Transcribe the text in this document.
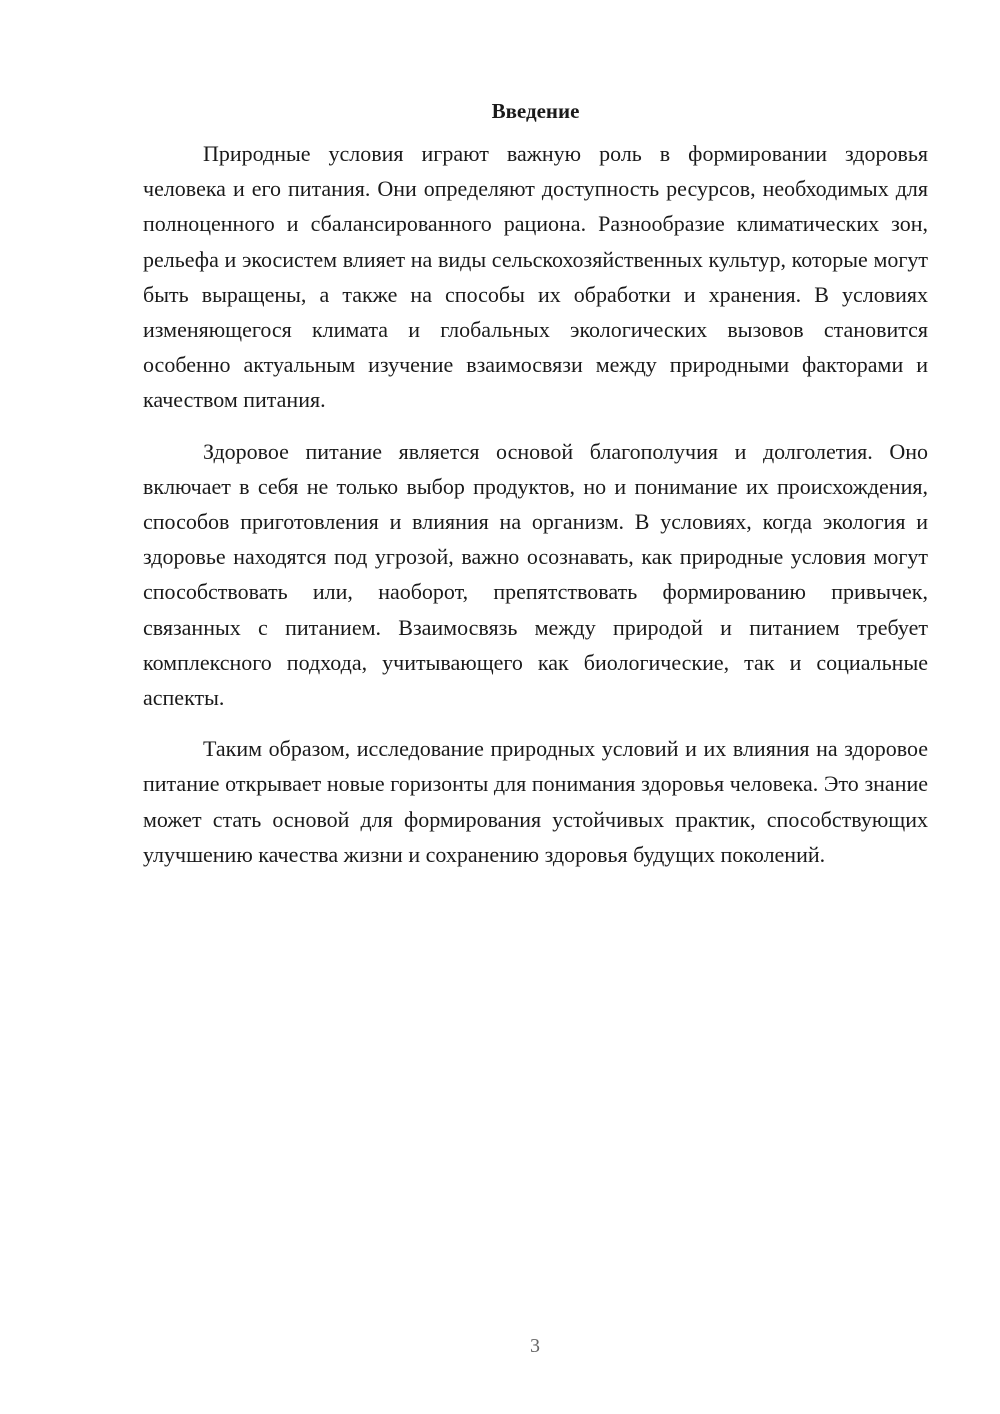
Введение

Природные условия играют важную роль в формировании здоровья человека и его питания. Они определяют доступность ресурсов, необходимых для полноценного и сбалансированного рациона. Разнообразие климатических зон, рельефа и экосистем влияет на виды сельскохозяйственных культур, которые могут быть выращены, а также на способы их обработки и хранения. В условиях изменяющегося климата и глобальных экологических вызовов становится особенно актуальным изучение взаимосвязи между природными факторами и качеством питания.

Здоровое питание является основой благополучия и долголетия. Оно включает в себя не только выбор продуктов, но и понимание их происхождения, способов приготовления и влияния на организм. В условиях, когда экология и здоровье находятся под угрозой, важно осознавать, как природные условия могут способствовать или, наоборот, препятствовать формированию привычек, связанных с питанием. Взаимосвязь между природой и питанием требует комплексного подхода, учитывающего как биологические, так и социальные аспекты.

Таким образом, исследование природных условий и их влияния на здоровое питание открывает новые горизонты для понимания здоровья человека. Это знание может стать основой для формирования устойчивых практик, способствующих улучшению качества жизни и сохранению здоровья будущих поколений.

3
